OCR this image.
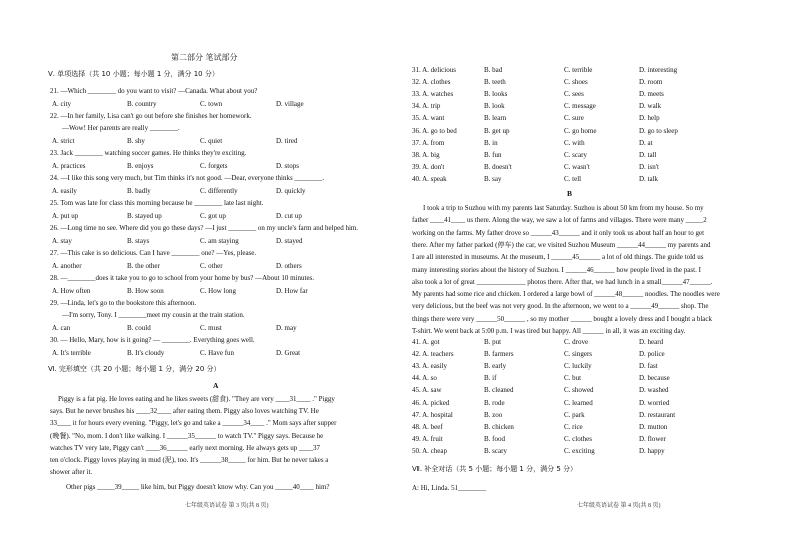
第二部分 笔试部分
Ⅴ. 单项选择（共 10 小题；每小题 1 分，满分 10 分）
21. —Which ________ do you want to visit? —Canada. What about you?
A. city	B. country	C. town	D. village
22. —In her family, Lisa can't go out before she finishes her homework.
—Wow! Her parents are really ________.
A. strict	B. shy	C. quiet	D. tired
23. Jack ________ watching soccer games. He thinks they're exciting.
A. practices	B. enjoys	C. forgets	D. stops
24. —I like this song very much, but Tim thinks it's not good. —Dear, everyone thinks ________.
A. easily	B. badly	C. differently	D. quickly
25. Tom was late for class this morning because he ________ late last night.
A. put up	B. stayed up	C. got up	D. cut up
26. —Long time no see. Where did you go these days? —I just ________ on my uncle's farm and helped him.
A. stay	B. stays	C. am staying	D. stayed
27. —This cake is so delicious. Can I have ________ one? —Yes, please.
A. another	B. the other	C. other	D. others
28. —________does it take you to go to school from your home by bus? —About 10 minutes.
A. How often	B. How soon	C. How long	D. How far
29. —Linda, let's go to the bookstore this afternoon.
—I'm sorry, Tony. I ________meet my cousin at the train station.
A. can	B. could	C. must	D. may
30. — Hello, Mary, how is it going? — ________. Everything goes well.
A. It's terrible	B. It's cloudy	C. Have fun	D. Great
Ⅵ. 完形填空（共 20 小题；每小题 1 分，满分 20 分）
A
Piggy is a fat pig. He loves eating and he likes sweets (甜食). "They are very ____31____ ." Piggy
says. But he never brushes his ____32____ after eating them. Piggy also loves watching TV. He
33____ it for hours every evening. "Piggy, let's go and take a ______34____ ." Mom says after supper
(晚餐). "No, mom. I don't like walking. I ______35______ to watch TV." Piggy says. Because he
watches TV very late, Piggy can't ____36______ early next morning. He always gets up ____37
ten o'clock. Piggy loves playing in mud (泥), too. It's ______38_____ for him. But he never takes a
shower after it.
Other pigs _____39_____ like him, but Piggy doesn't know why. Can you _____40____ him?
七年级英语试卷 第 3 页(共 8 页)
31. A. delicious	B. bad	C. terrible	D. interesting
32. A. clothes	B. teeth	C. shoes	D. room
33. A. watches	B. looks	C. sees	D. meets
34. A. trip	B. look	C. message	D. walk
35. A. want	B. learn	C. sure	D. help
36. A. go to bed	B. get up	C. go home	D. go to sleep
37. A. from	B. in	C. with	D. at
38. A. big	B. fun	C. scary	D. tall
39. A. don't	B. doesn't	C. wasn't	D. isn't
40. A. speak	B. say	C. tell	D. talk
B
I took a trip to Suzhou with my parents last Saturday. Suzhou is about 50 km from my house. So my
father ____41____ us there. Along the way, we saw a lot of farms and villages. There were many _____2
working on the farms. My father drove so ______43______ and it only took us about half an hour to get
there. After my father parked (停车) the car, we visited Suzhou Museum ______44______ my parents and
I are all interested in museums. At the museum, I ______45______ a lot of old things. The guide told us
many interesting stories about the history of Suzhou. I ______46______ how people lived in the past. I
also took a lot of great ______________ photos there. After that, we had lunch in a small______47______.
My parents had some rice and chicken. I ordered a large bowl of ______48______ noodles. The noodles were
very delicious, but the beef was not very good. In the afternoon, we went to a ______49______ shop. The
things there were very ______50______ , so my mother ______ bought a lovely dress and I bought a black
T-shirt. We went back at 5:00 p.m. I was tired but happy. All ______ in all, it was an exciting day.
41. A. got	B. put	C. drove	D. heard
42. A. teachers	B. farmers	C. singers	D. police
43. A. easily	B. early	C. luckily	D. fast
44. A. so	B. if	C. but	D. because
45. A. saw	B. cleaned	C. showed	D. washed
46. A. picked	B. rode	C. learned	D. worried
47. A. hospital	B. zoo	C. park	D. restaurant
48. A. beef	B. chicken	C. rice	D. mutton
49. A. fruit	B. food	C. clothes	D. flower
50. A. cheap	B. scary	C. exciting	D. happy
Ⅶ. 补全对话（共 5 小题；每小题 1 分，满分 5 分）
A: Hi, Linda. 51________
七年级英语试卷 第 4 页(共 8 页)
